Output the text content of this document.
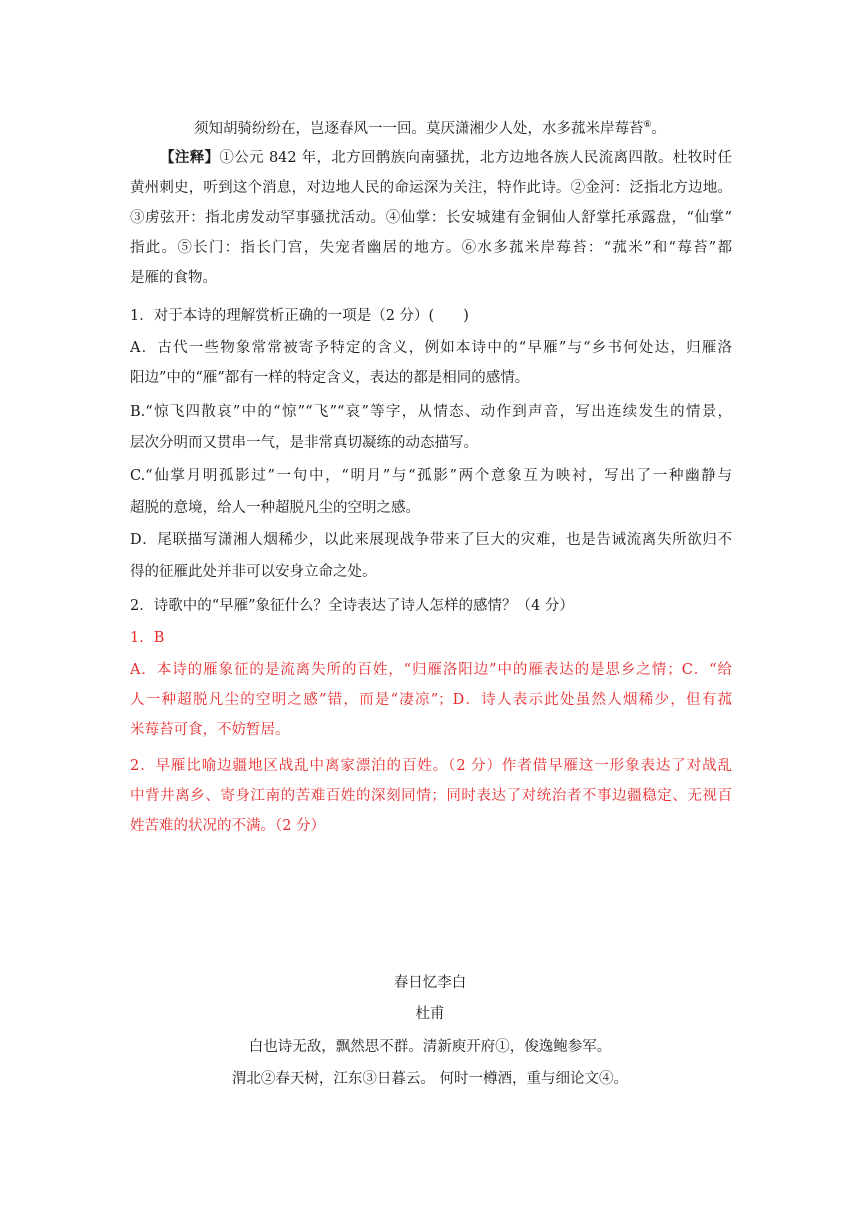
须知胡骑纷纷在，岂逐春风一一回。莫厌潇湘少人处，水多菰米岸莓苔⑥。
【注释】①公元 842 年，北方回鹘族向南骚扰，北方边地各族人民流离四散。杜牧时任
黄州刺史，听到这个消息，对边地人民的命运深为关注，特作此诗。②金河：泛指北方边地。
③虏弦开：指北虏发动罕事骚扰活动。④仙掌：长安城建有金铜仙人舒掌托承露盘，“仙掌”
指此。⑤长门：指长门宫，失宠者幽居的地方。⑥水多菰米岸莓苔：“菰米”和“莓苔”都
是雁的食物。
1．对于本诗的理解赏析正确的一项是（2 分）(　　)
A．古代一些物象常常被寄予特定的含义，例如本诗中的“早雁”与“乡书何处达，归雁洛
阳边”中的“雁”都有一样的特定含义，表达的都是相同的感情。
B.“惊飞四散哀”中的“惊”“飞”“哀”等字，从情态、动作到声音，写出连续发生的情景，
层次分明而又贯串一气，是非常真切凝练的动态描写。
C.“仙掌月明孤影过”一句中，“明月”与“孤影”两个意象互为映衬，写出了一种幽静与
超脱的意境，给人一种超脱凡尘的空明之感。
D．尾联描写潇湘人烟稀少，以此来展现战争带来了巨大的灾难，也是告诫流离失所欲归不
得的征雁此处并非可以安身立命之处。
2．诗歌中的“早雁”象征什么？全诗表达了诗人怎样的感情？（4 分）
1．B
A．本诗的雁象征的是流离失所的百姓，“归雁洛阳边”中的雁表达的是思乡之情；C．“给
人一种超脱凡尘的空明之感”错，而是“凄凉”；D．诗人表示此处虽然人烟稀少，但有菰
米莓苔可食，不妨暂居。
2．早雁比喻边疆地区战乱中离家漂泊的百姓。（2 分）作者借早雁这一形象表达了对战乱
中背井离乡、寄身江南的苦难百姓的深刻同情；同时表达了对统治者不事边疆稳定、无视百
姓苦难的状况的不满。（2 分）
春日忆李白
杜甫
白也诗无敌，飘然思不群。清新庾开府①，俊逸鲍参军。
渭北②春天树，江东③日暮云。 何时一樽酒，重与细论文④。
